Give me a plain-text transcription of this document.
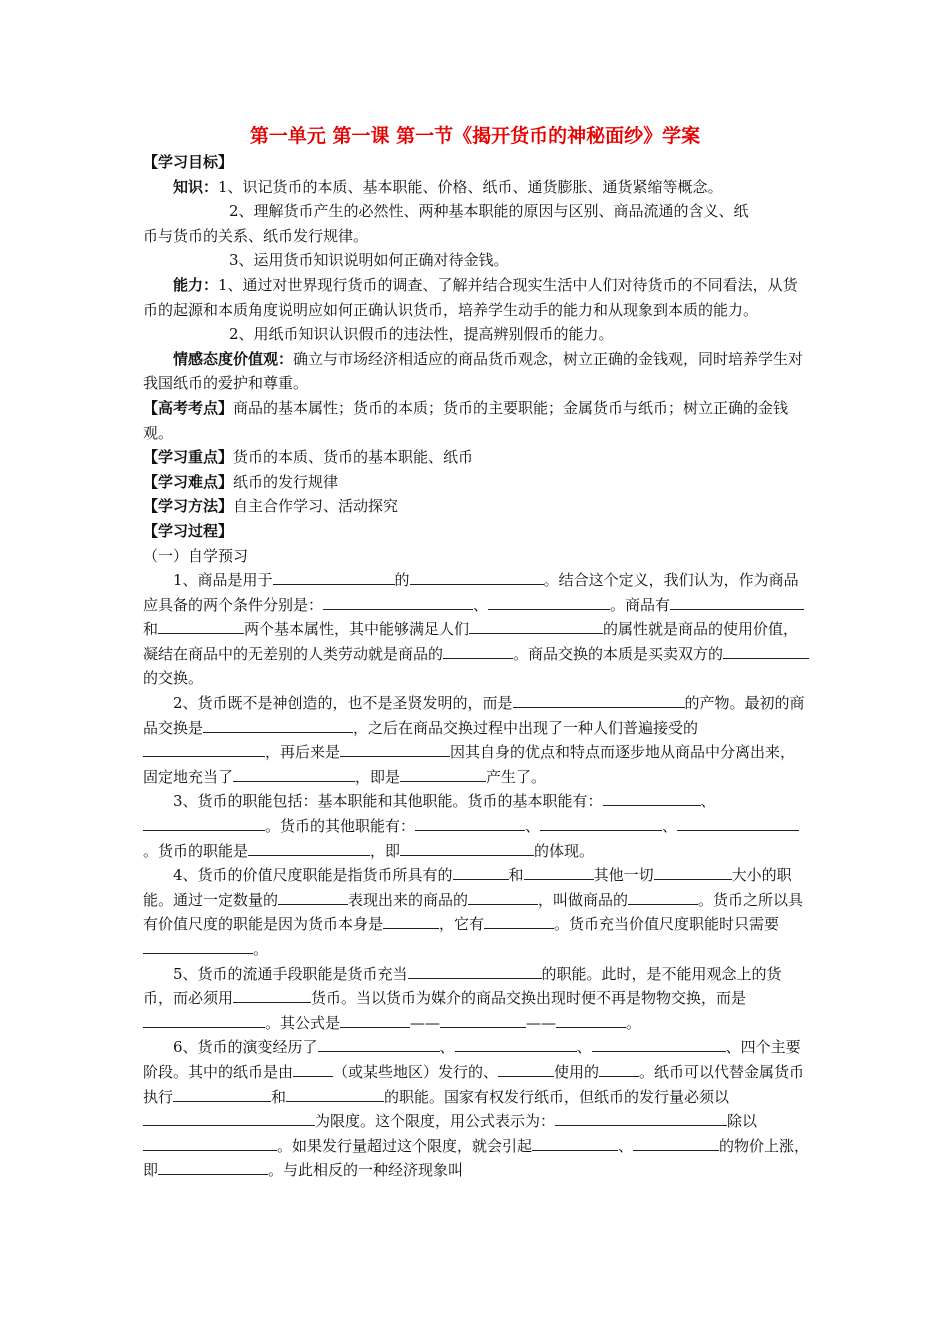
第一单元 第一课 第一节《揭开货币的神秘面纱》学案

【学习目标】

知识：1、识记货币的本质、基本职能、价格、纸币、通货膨胀、通货紧缩等概念。

2、理解货币产生的必然性、两种基本职能的原因与区别、商品流通的含义、纸

币与货币的关系、纸币发行规律。

3、运用货币知识说明如何正确对待金钱。

能力：1、通过对世界现行货币的调查、了解并结合现实生活中人们对待货币的不同看法，从货币的起源和本质角度说明应如何正确认识货币，培养学生动手的能力和从现象到本质的能力。

2、用纸币知识认识假币的违法性，提高辨别假币的能力。

情感态度价值观：确立与市场经济相适应的商品货币观念，树立正确的金钱观，同时培养学生对我国纸币的爱护和尊重。

【高考考点】商品的基本属性；货币的本质；货币的主要职能；金属货币与纸币；树立正确的金钱观。

【学习重点】货币的本质、货币的基本职能、纸币

【学习难点】纸币的发行规律

【学习方法】自主合作学习、活动探究

【学习过程】

（一）自学预习

1、商品是用于	的	。结合这个定义，我们认为，作为商品应具备的两个条件分别是：	、	。商品有和	两个基本属性，其中能够满足人们	的属性就是商品的使用价值，凝结在商品中的无差别的人类劳动就是商品的	。商品交换的本质是买卖双方的的交换。

2、货币既不是神创造的，也不是圣贤发明的，而是	的产物。最初的商品交换是	，之后在商品交换过程中出现了一种人们普遍接受的，再后来是	因其自身的优点和特点而逐步地从商品中分离出来，固定地充当了	，即是	产生了。

3、货币的职能包括：基本职能和其他职能。货币的基本职能有：	、。货币的其他职能有：	、	、。货币的职能是	，即	的体现。

4、货币的价值尺度职能是指货币所具有的	和	其他一切	大小的职能。通过一定数量的	表现出来的商品的	，叫做商品的	。货币之所以具有价值尺度的职能是因为货币本身是	，它有	。货币充当价值尺度职能时只需要。

5、货币的流通手段职能是货币充当	的职能。此时，是不能用观念上的货币，而必须用	货币。当以货币为媒介的商品交换出现时便不再是物物交换，而是。其公式是	——	——	。

6、货币的演变经历了	、	、	、四个主要阶段。其中的纸币是由	（或某些地区）发行的、	使用的	。纸币可以代替金属货币执行	和	的职能。国家有权发行纸币，但纸币的发行量必须以为限度。这个限度，用公式表示为：	除以。如果发行量超过这个限度，就会引起	、	的物价上涨，即	。与此相反的一种经济现象叫
